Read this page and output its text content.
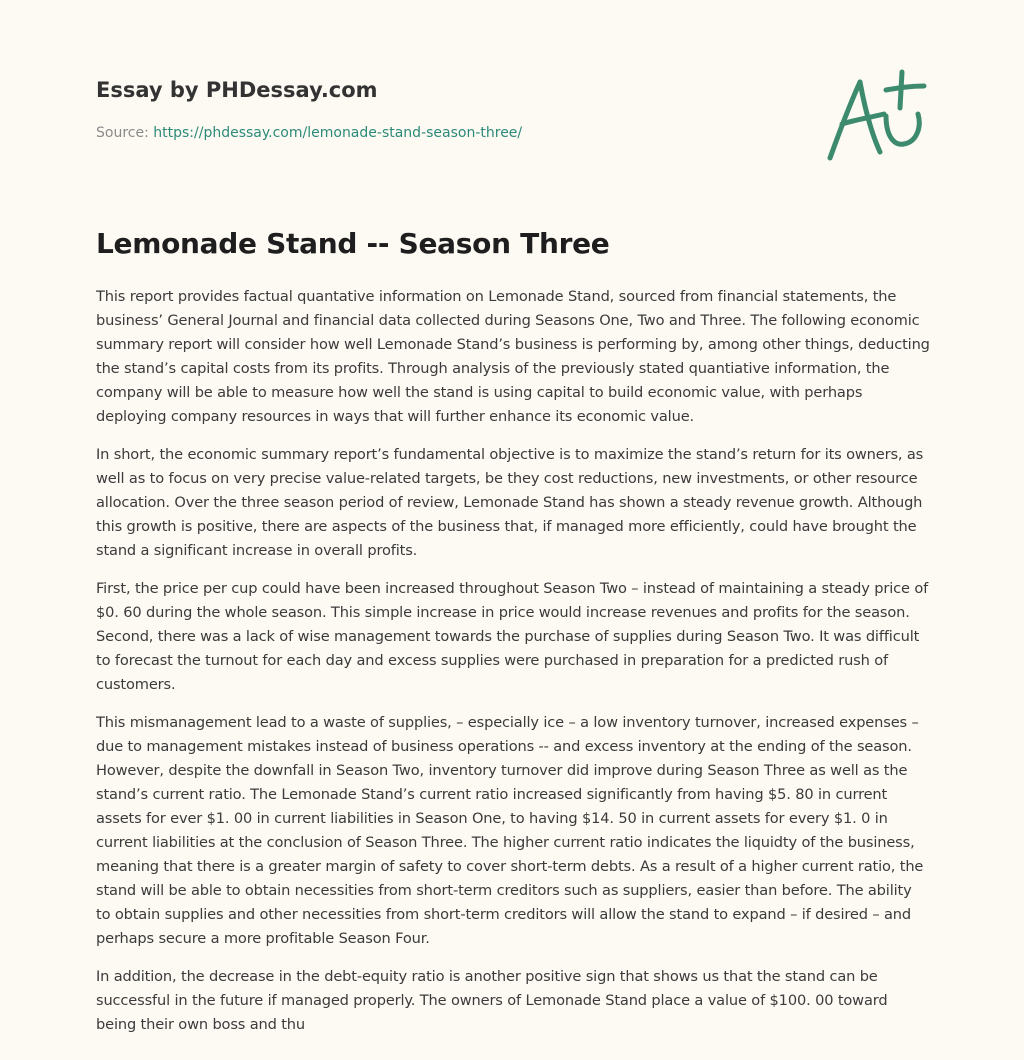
Essay by PHDessay.com
Source: https://phdessay.com/lemonade-stand-season-three/
Lemonade Stand -- Season Three

This report provides factual quantative information on Lemonade Stand, sourced from financial statements, the business’ General Journal and financial data collected during Seasons One, Two and Three. The following economic summary report will consider how well Lemonade Stand’s business is performing by, among other things, deducting the stand’s capital costs from its profits. Through analysis of the previously stated quantiative information, the company will be able to measure how well the stand is using capital to build economic value, with perhaps deploying company resources in ways that will further enhance its economic value.

In short, the economic summary report’s fundamental objective is to maximize the stand’s return for its owners, as well as to focus on very precise value-related targets, be they cost reductions, new investments, or other resource allocation. Over the three season period of review, Lemonade Stand has shown a steady revenue growth. Although this growth is positive, there are aspects of the business that, if managed more efficiently, could have brought the stand a significant increase in overall profits.

First, the price per cup could have been increased throughout Season Two – instead of maintaining a steady price of $0. 60 during the whole season. This simple increase in price would increase revenues and profits for the season. Second, there was a lack of wise management towards the purchase of supplies during Season Two. It was difficult to forecast the turnout for each day and excess supplies were purchased in preparation for a predicted rush of customers.

This mismanagement lead to a waste of supplies, – especially ice – a low inventory turnover, increased expenses – due to management mistakes instead of business operations -- and excess inventory at the ending of the season. However, despite the downfall in Season Two, inventory turnover did improve during Season Three as well as the stand’s current ratio. The Lemonade Stand’s current ratio increased significantly from having $5. 80 in current assets for ever $1. 00 in current liabilities in Season One, to having $14. 50 in current assets for every $1. 0 in current liabilities at the conclusion of Season Three. The higher current ratio indicates the liquidty of the business, meaning that there is a greater margin of safety to cover short-term debts. As a result of a higher current ratio, the stand will be able to obtain necessities from short-term creditors such as suppliers, easier than before. The ability to obtain supplies and other necessities from short-term creditors will allow the stand to expand – if desired – and perhaps secure a more profitable Season Four.

In addition, the decrease in the debt-equity ratio is another positive sign that shows us that the stand can be successful in the future if managed properly. The owners of Lemonade Stand place a value of $100. 00 toward being their own boss and thu
